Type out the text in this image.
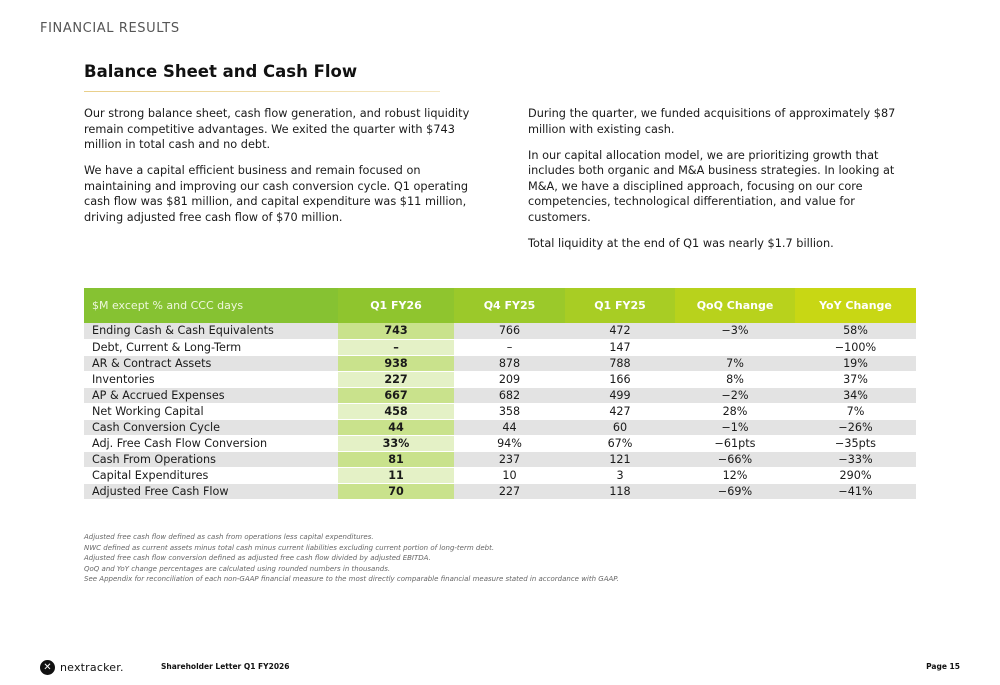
FINANCIAL RESULTS
Balance Sheet and Cash Flow

Our strong balance sheet, cash flow generation, and robust liquidity remain competitive advantages. We exited the quarter with $743 million in total cash and no debt.

We have a capital efficient business and remain focused on maintaining and improving our cash conversion cycle. Q1 operating cash flow was $81 million, and capital expenditure was $11 million, driving adjusted free cash flow of $70 million.

During the quarter, we funded acquisitions of approximately $87 million with existing cash.

In our capital allocation model, we are prioritizing growth that includes both organic and M&A business strategies. In looking at M&A, we have a disciplined approach, focusing on our core competencies, technological differentiation, and value for customers.

Total liquidity at the end of Q1 was nearly $1.7 billion.

$M except % and CCC days	Q1 FY26	Q4 FY25	Q1 FY25	QoQ Change	YoY Change
Ending Cash & Cash Equivalents	743	766	472	−3%	58%
Debt, Current & Long-Term	–	–	147		−100%
AR & Contract Assets	938	878	788	7%	19%
Inventories	227	209	166	8%	37%
AP & Accrued Expenses	667	682	499	−2%	34%
Net Working Capital	458	358	427	28%	7%
Cash Conversion Cycle	44	44	60	−1%	−26%
Adj. Free Cash Flow Conversion	33%	94%	67%	−61pts	−35pts
Cash From Operations	81	237	121	−66%	−33%
Capital Expenditures	11	10	3	12%	290%
Adjusted Free Cash Flow	70	227	118	−69%	−41%
Adjusted free cash flow defined as cash from operations less capital expenditures.
NWC defined as current assets minus total cash minus current liabilities excluding current portion of long-term debt.
Adjusted free cash flow conversion defined as adjusted free cash flow divided by adjusted EBITDA.
QoQ and YoY change percentages are calculated using rounded numbers in thousands.
See Appendix for reconciliation of each non-GAAP financial measure to the most directly comparable financial measure stated in accordance with GAAP.
✕ nextracker.	Shareholder Letter Q1 FY2026	Page 15
